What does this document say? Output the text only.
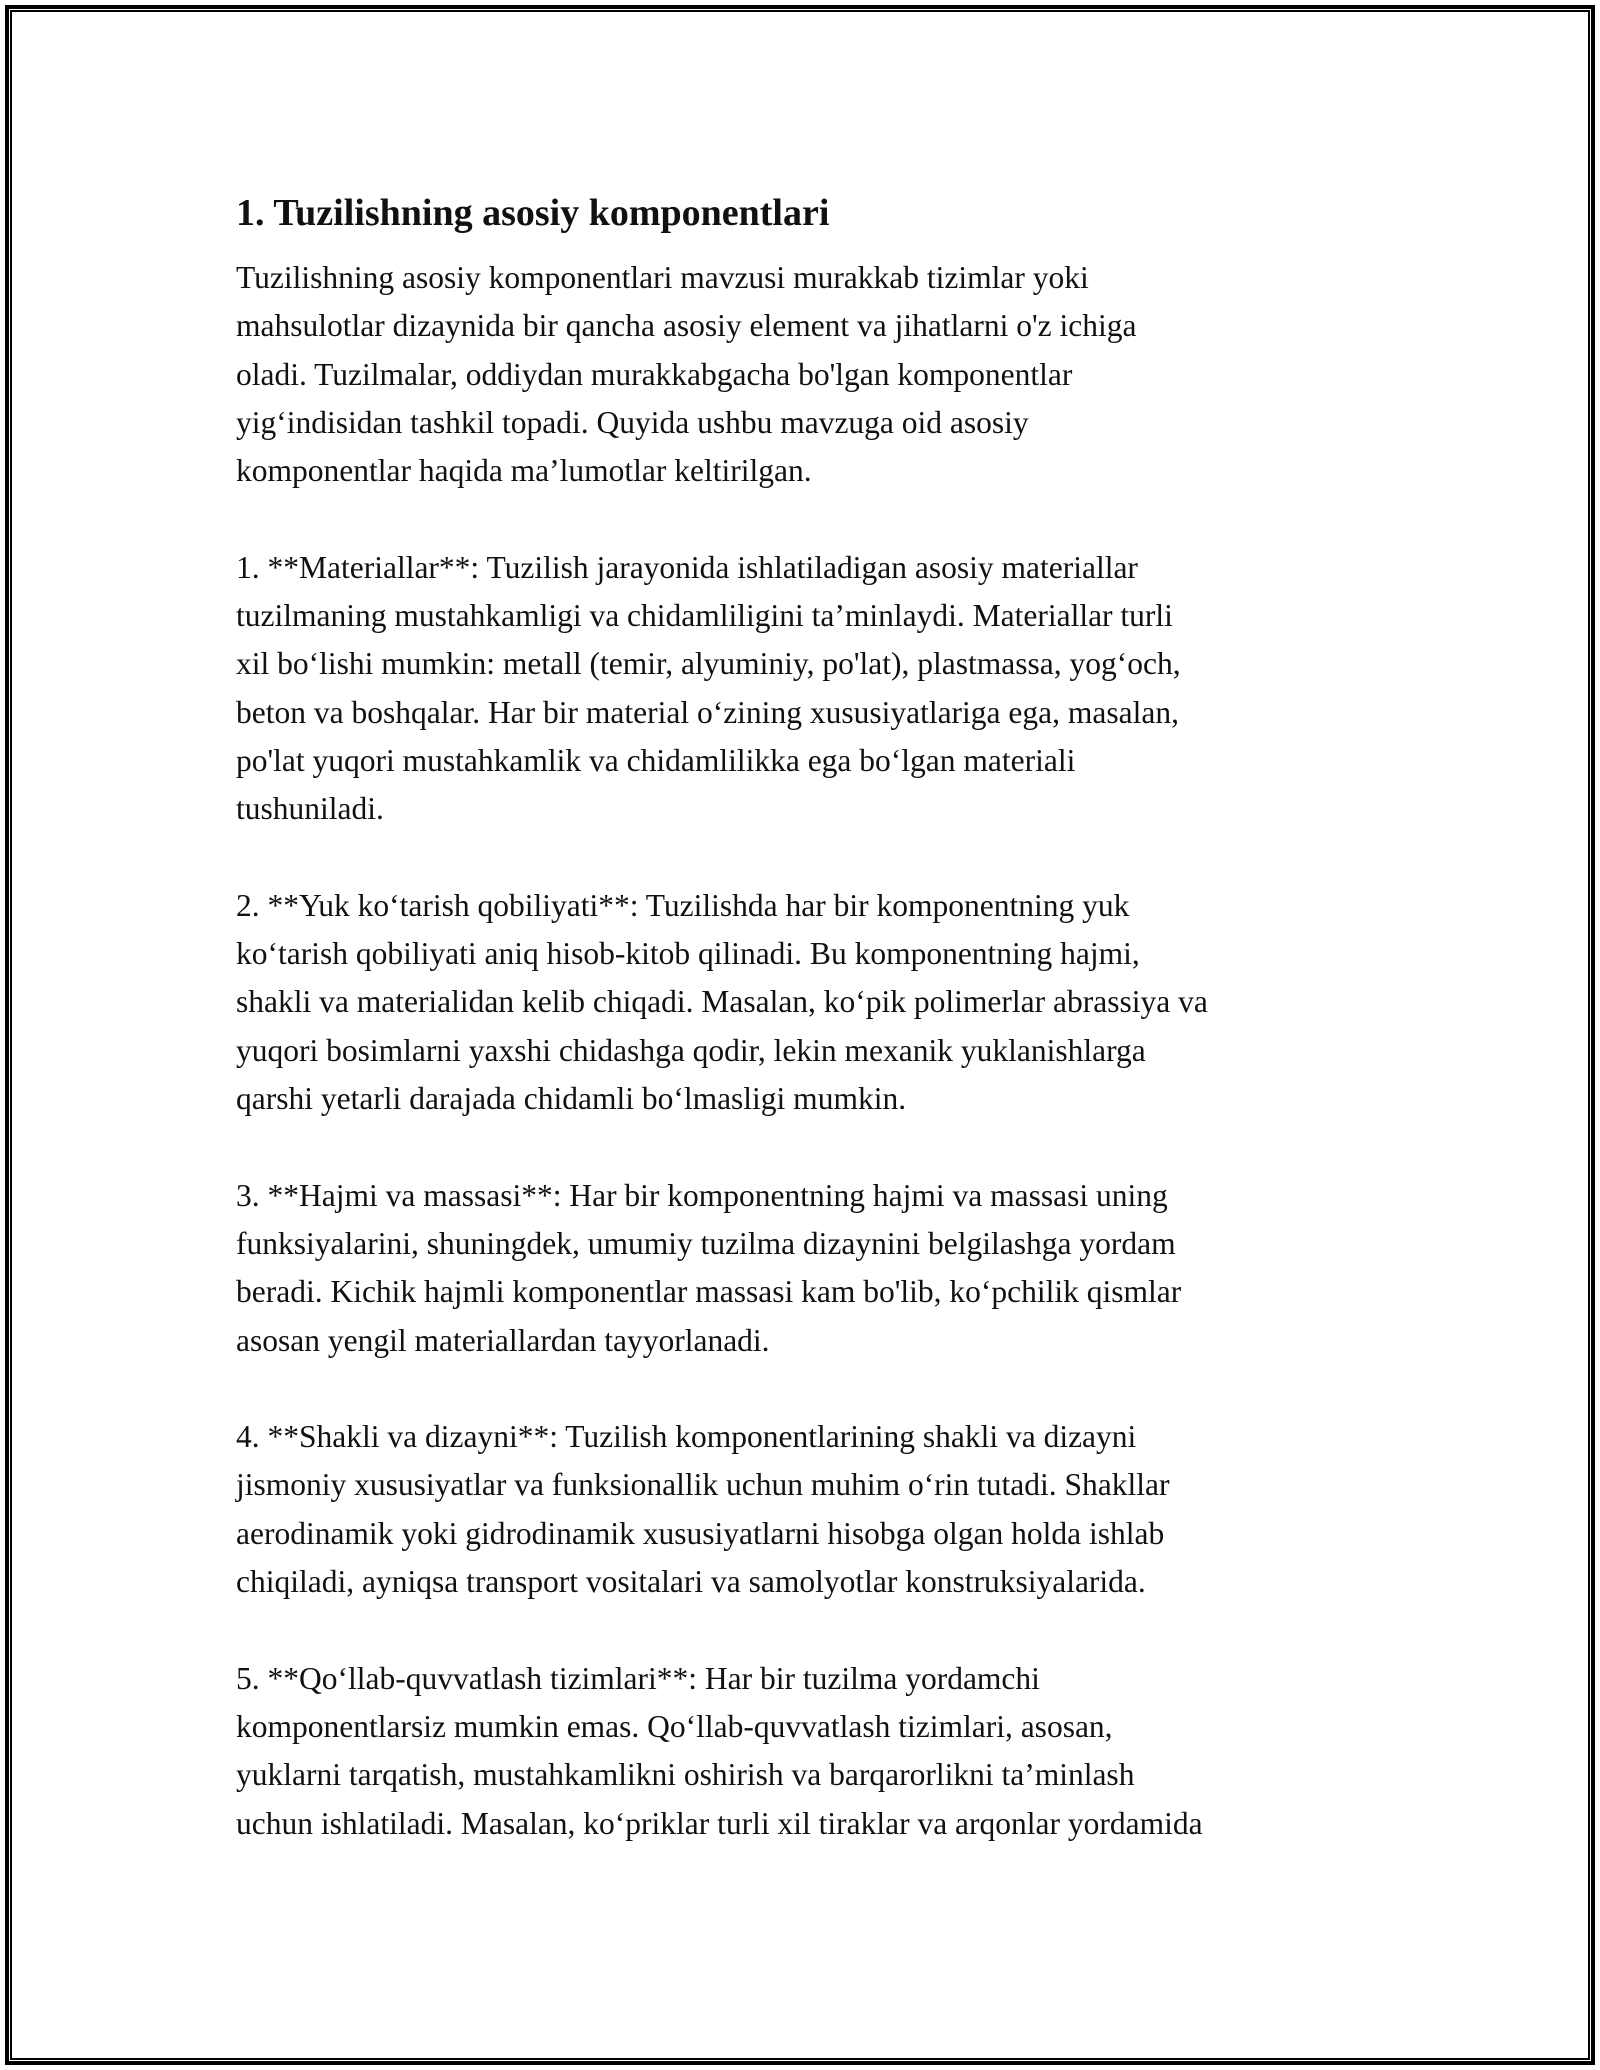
1. Tuzilishning asosiy komponentlari
Tuzilishning asosiy komponentlari mavzusi murakkab tizimlar yoki
mahsulotlar dizaynida bir qancha asosiy element va jihatlarni o'z ichiga
oladi. Tuzilmalar, oddiydan murakkabgacha bo'lgan komponentlar
yig‘indisidan tashkil topadi. Quyida ushbu mavzuga oid asosiy
komponentlar haqida ma’lumotlar keltirilgan.
1. **Materiallar**: Tuzilish jarayonida ishlatiladigan asosiy materiallar
tuzilmaning mustahkamligi va chidamliligini ta’minlaydi. Materiallar turli
xil bo‘lishi mumkin: metall (temir, alyuminiy, po'lat), plastmassa, yog‘och,
beton va boshqalar. Har bir material o‘zining xususiyatlariga ega, masalan,
po'lat yuqori mustahkamlik va chidamlilikka ega bo‘lgan materiali
tushuniladi.
2. **Yuk ko‘tarish qobiliyati**: Tuzilishda har bir komponentning yuk
ko‘tarish qobiliyati aniq hisob-kitob qilinadi. Bu komponentning hajmi,
shakli va materialidan kelib chiqadi. Masalan, ko‘pik polimerlar abrassiya va
yuqori bosimlarni yaxshi chidashga qodir, lekin mexanik yuklanishlarga
qarshi yetarli darajada chidamli bo‘lmasligi mumkin.
3. **Hajmi va massasi**: Har bir komponentning hajmi va massasi uning
funksiyalarini, shuningdek, umumiy tuzilma dizaynini belgilashga yordam
beradi. Kichik hajmli komponentlar massasi kam bo'lib, ko‘pchilik qismlar
asosan yengil materiallardan tayyorlanadi.
4. **Shakli va dizayni**: Tuzilish komponentlarining shakli va dizayni
jismoniy xususiyatlar va funksionallik uchun muhim o‘rin tutadi. Shakllar
aerodinamik yoki gidrodinamik xususiyatlarni hisobga olgan holda ishlab
chiqiladi, ayniqsa transport vositalari va samolyotlar konstruksiyalarida.
5. **Qo‘llab-quvvatlash tizimlari**: Har bir tuzilma yordamchi
komponentlarsiz mumkin emas. Qo‘llab-quvvatlash tizimlari, asosan,
yuklarni tarqatish, mustahkamlikni oshirish va barqarorlikni ta’minlash
uchun ishlatiladi. Masalan, ko‘priklar turli xil tiraklar va arqonlar yordamida
